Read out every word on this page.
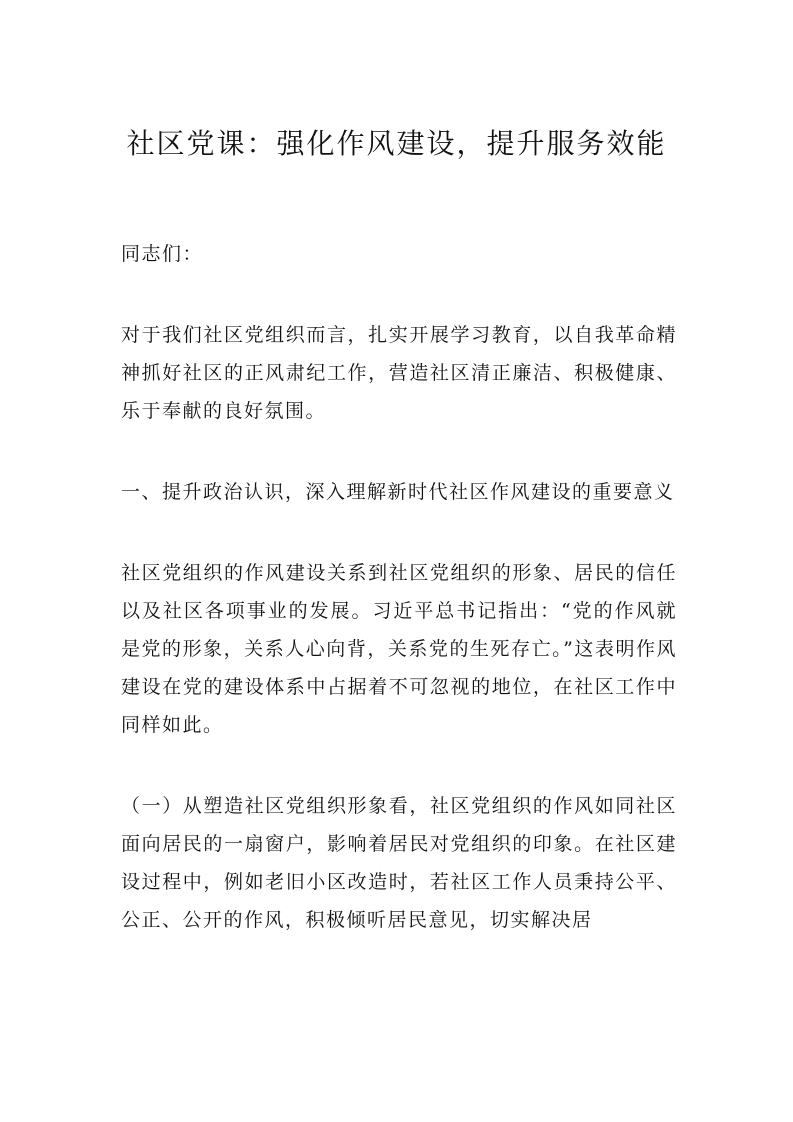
社区党课：强化作风建设，提升服务效能

同志们：

对于我们社区党组织而言，扎实开展学习教育，以自我革命精神抓好社区的正风肃纪工作，营造社区清正廉洁、积极健康、乐于奉献的良好氛围。

一、提升政治认识，深入理解新时代社区作风建设的重要意义

社区党组织的作风建设关系到社区党组织的形象、居民的信任以及社区各项事业的发展。习近平总书记指出：“党的作风就是党的形象，关系人心向背，关系党的生死存亡。”这表明作风建设在党的建设体系中占据着不可忽视的地位，在社区工作中同样如此。

（一）从塑造社区党组织形象看，社区党组织的作风如同社区面向居民的一扇窗户，影响着居民对党组织的印象。在社区建设过程中，例如老旧小区改造时，若社区工作人员秉持公平、公正、公开的作风，积极倾听居民意见，切实解决居
